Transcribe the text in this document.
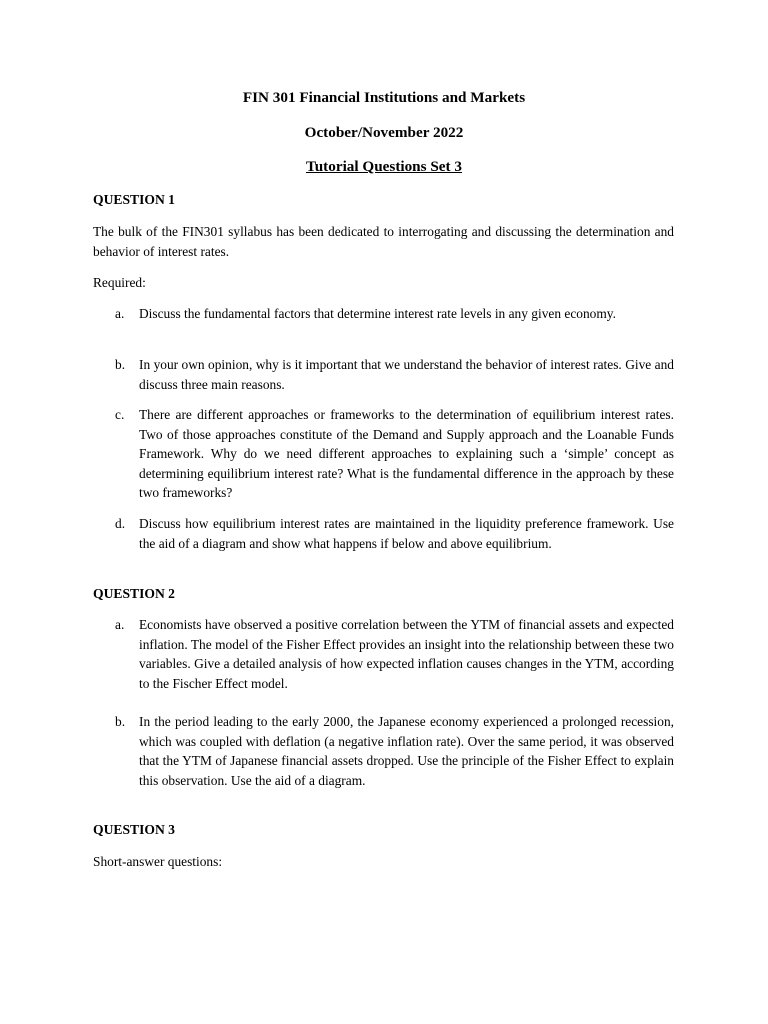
FIN 301 Financial Institutions and Markets

October/November 2022

Tutorial Questions Set 3

QUESTION 1

The bulk of the FIN301 syllabus has been dedicated to interrogating and discussing the determination and behavior of interest rates.

Required:

a. Discuss the fundamental factors that determine interest rate levels in any given economy.
b. In your own opinion, why is it important that we understand the behavior of interest rates. Give and discuss three main reasons.
c. There are different approaches or frameworks to the determination of equilibrium interest rates. Two of those approaches constitute of the Demand and Supply approach and the Loanable Funds Framework. Why do we need different approaches to explaining such a ‘simple’ concept as determining equilibrium interest rate? What is the fundamental difference in the approach by these two frameworks?
d. Discuss how equilibrium interest rates are maintained in the liquidity preference framework. Use the aid of a diagram and show what happens if below and above equilibrium.

QUESTION 2

a. Economists have observed a positive correlation between the YTM of financial assets and expected inflation. The model of the Fisher Effect provides an insight into the relationship between these two variables. Give a detailed analysis of how expected inflation causes changes in the YTM, according to the Fischer Effect model.
b. In the period leading to the early 2000, the Japanese economy experienced a prolonged recession, which was coupled with deflation (a negative inflation rate). Over the same period, it was observed that the YTM of Japanese financial assets dropped. Use the principle of the Fisher Effect to explain this observation. Use the aid of a diagram.

QUESTION 3

Short-answer questions:
